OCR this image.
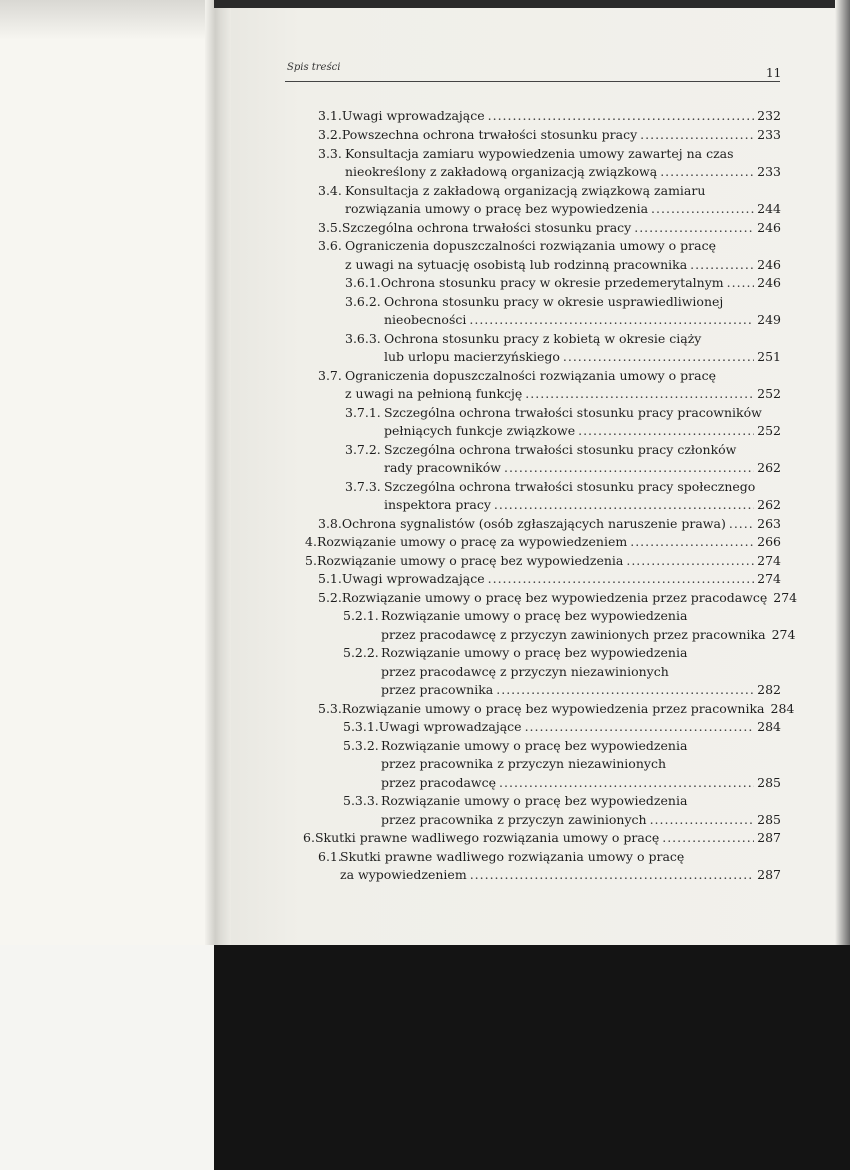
Spis treści	11
3.1. Uwagi wprowadzające .....	232
3.2. Powszechna ochrona trwałości stosunku pracy .....	233
3.3. Konsultacja zamiaru wypowiedzenia umowy zawartej na czas
nieokreślony z zakładową organizacją związkową .....	233
3.4. Konsultacja z zakładową organizacją związkową zamiaru
rozwiązania umowy o pracę bez wypowiedzenia .....	244
3.5. Szczególna ochrona trwałości stosunku pracy .....	246
3.6. Ograniczenia dopuszczalności rozwiązania umowy o pracę
z uwagi na sytuację osobistą lub rodzinną pracownika .....	246
3.6.1. Ochrona stosunku pracy w okresie przedemerytalnym .....	246
3.6.2. Ochrona stosunku pracy w okresie usprawiedliwionej
nieobecności .....	249
3.6.3. Ochrona stosunku pracy z kobietą w okresie ciąży
lub urlopu macierzyńskiego .....	251
3.7. Ograniczenia dopuszczalności rozwiązania umowy o pracę
z uwagi na pełnioną funkcję .....	252
3.7.1. Szczególna ochrona trwałości stosunku pracy pracowników
pełniących funkcje związkowe .....	252
3.7.2. Szczególna ochrona trwałości stosunku pracy członków
rady pracowników .....	262
3.7.3. Szczególna ochrona trwałości stosunku pracy społecznego
inspektora pracy .....	262
3.8. Ochrona sygnalistów (osób zgłaszających naruszenie prawa) .....	263
4. Rozwiązanie umowy o pracę za wypowiedzeniem .....	266
5. Rozwiązanie umowy o pracę bez wypowiedzenia .....	274
5.1. Uwagi wprowadzające .....	274
5.2. Rozwiązanie umowy o pracę bez wypowiedzenia przez pracodawcę 274
5.2.1. Rozwiązanie umowy o pracę bez wypowiedzenia
przez pracodawcę z przyczyn zawinionych przez pracownika 274
5.2.2. Rozwiązanie umowy o pracę bez wypowiedzenia
przez pracodawcę z przyczyn niezawinionych
przez pracownika .....	282
5.3. Rozwiązanie umowy o pracę bez wypowiedzenia przez pracownika 284
5.3.1. Uwagi wprowadzające .....	284
5.3.2. Rozwiązanie umowy o pracę bez wypowiedzenia
przez pracownika z przyczyn niezawinionych
przez pracodawcę .....	285
5.3.3. Rozwiązanie umowy o pracę bez wypowiedzenia
przez pracownika z przyczyn zawinionych .....	285
6. Skutki prawne wadliwego rozwiązania umowy o pracę .....	287
6.1.
Skutki prawne wadliwego rozwiązania umowy o pracę
za wypowiedzeniem .....	287
